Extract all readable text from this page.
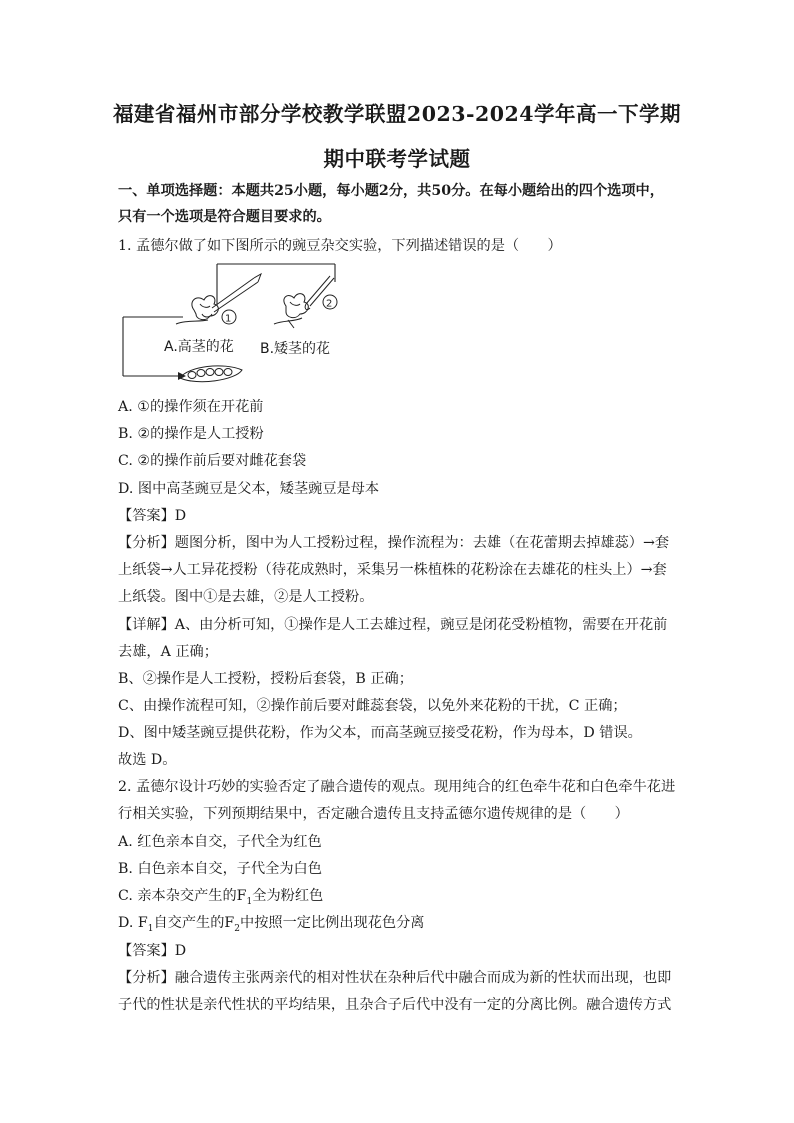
福建省福州市部分学校教学联盟2023-2024学年高一下学期
期中联考学试题
一、单项选择题：本题共25小题，每小题2分，共50分。在每小题给出的四个选项中，
只有一个选项是符合题目要求的。
1. 孟德尔做了如下图所示的豌豆杂交实验，下列描述错误的是（　　）
1
2
A.高茎的花 B.矮茎的花
A. ①的操作须在开花前
B. ②的操作是人工授粉
C. ②的操作前后要对雌花套袋
D. 图中高茎豌豆是父本，矮茎豌豆是母本
【答案】D
【分析】题图分析，图中为人工授粉过程，操作流程为：去雄（在花蕾期去掉雄蕊）→套
上纸袋→人工异花授粉（待花成熟时，采集另一株植株的花粉涂在去雄花的柱头上）→套
上纸袋。图中①是去雄，②是人工授粉。
【详解】A、由分析可知，①操作是人工去雄过程，豌豆是闭花受粉植物，需要在开花前
去雄，A 正确；
B、②操作是人工授粉，授粉后套袋，B 正确；
C、由操作流程可知，②操作前后要对雌蕊套袋，以免外来花粉的干扰，C 正确；
D、图中矮茎豌豆提供花粉，作为父本，而高茎豌豆接受花粉，作为母本，D 错误。
故选 D。
2. 孟德尔设计巧妙的实验否定了融合遗传的观点。现用纯合的红色牵牛花和白色牵牛花进
行相关实验，下列预期结果中，否定融合遗传且支持孟德尔遗传规律的是（　　）
A. 红色亲本自交，子代全为红色
B. 白色亲本自交，子代全为白色
C. 亲本杂交产生的$F_1$全为粉红色
D. $F_1$自交产生的$F_2$中按照一定比例出现花色分离
【答案】D
【分析】融合遗传主张两亲代的相对性状在杂种后代中融合而成为新的性状而出现，也即
子代的性状是亲代性状的平均结果，且杂合子后代中没有一定的分离比例。融合遗传方式
